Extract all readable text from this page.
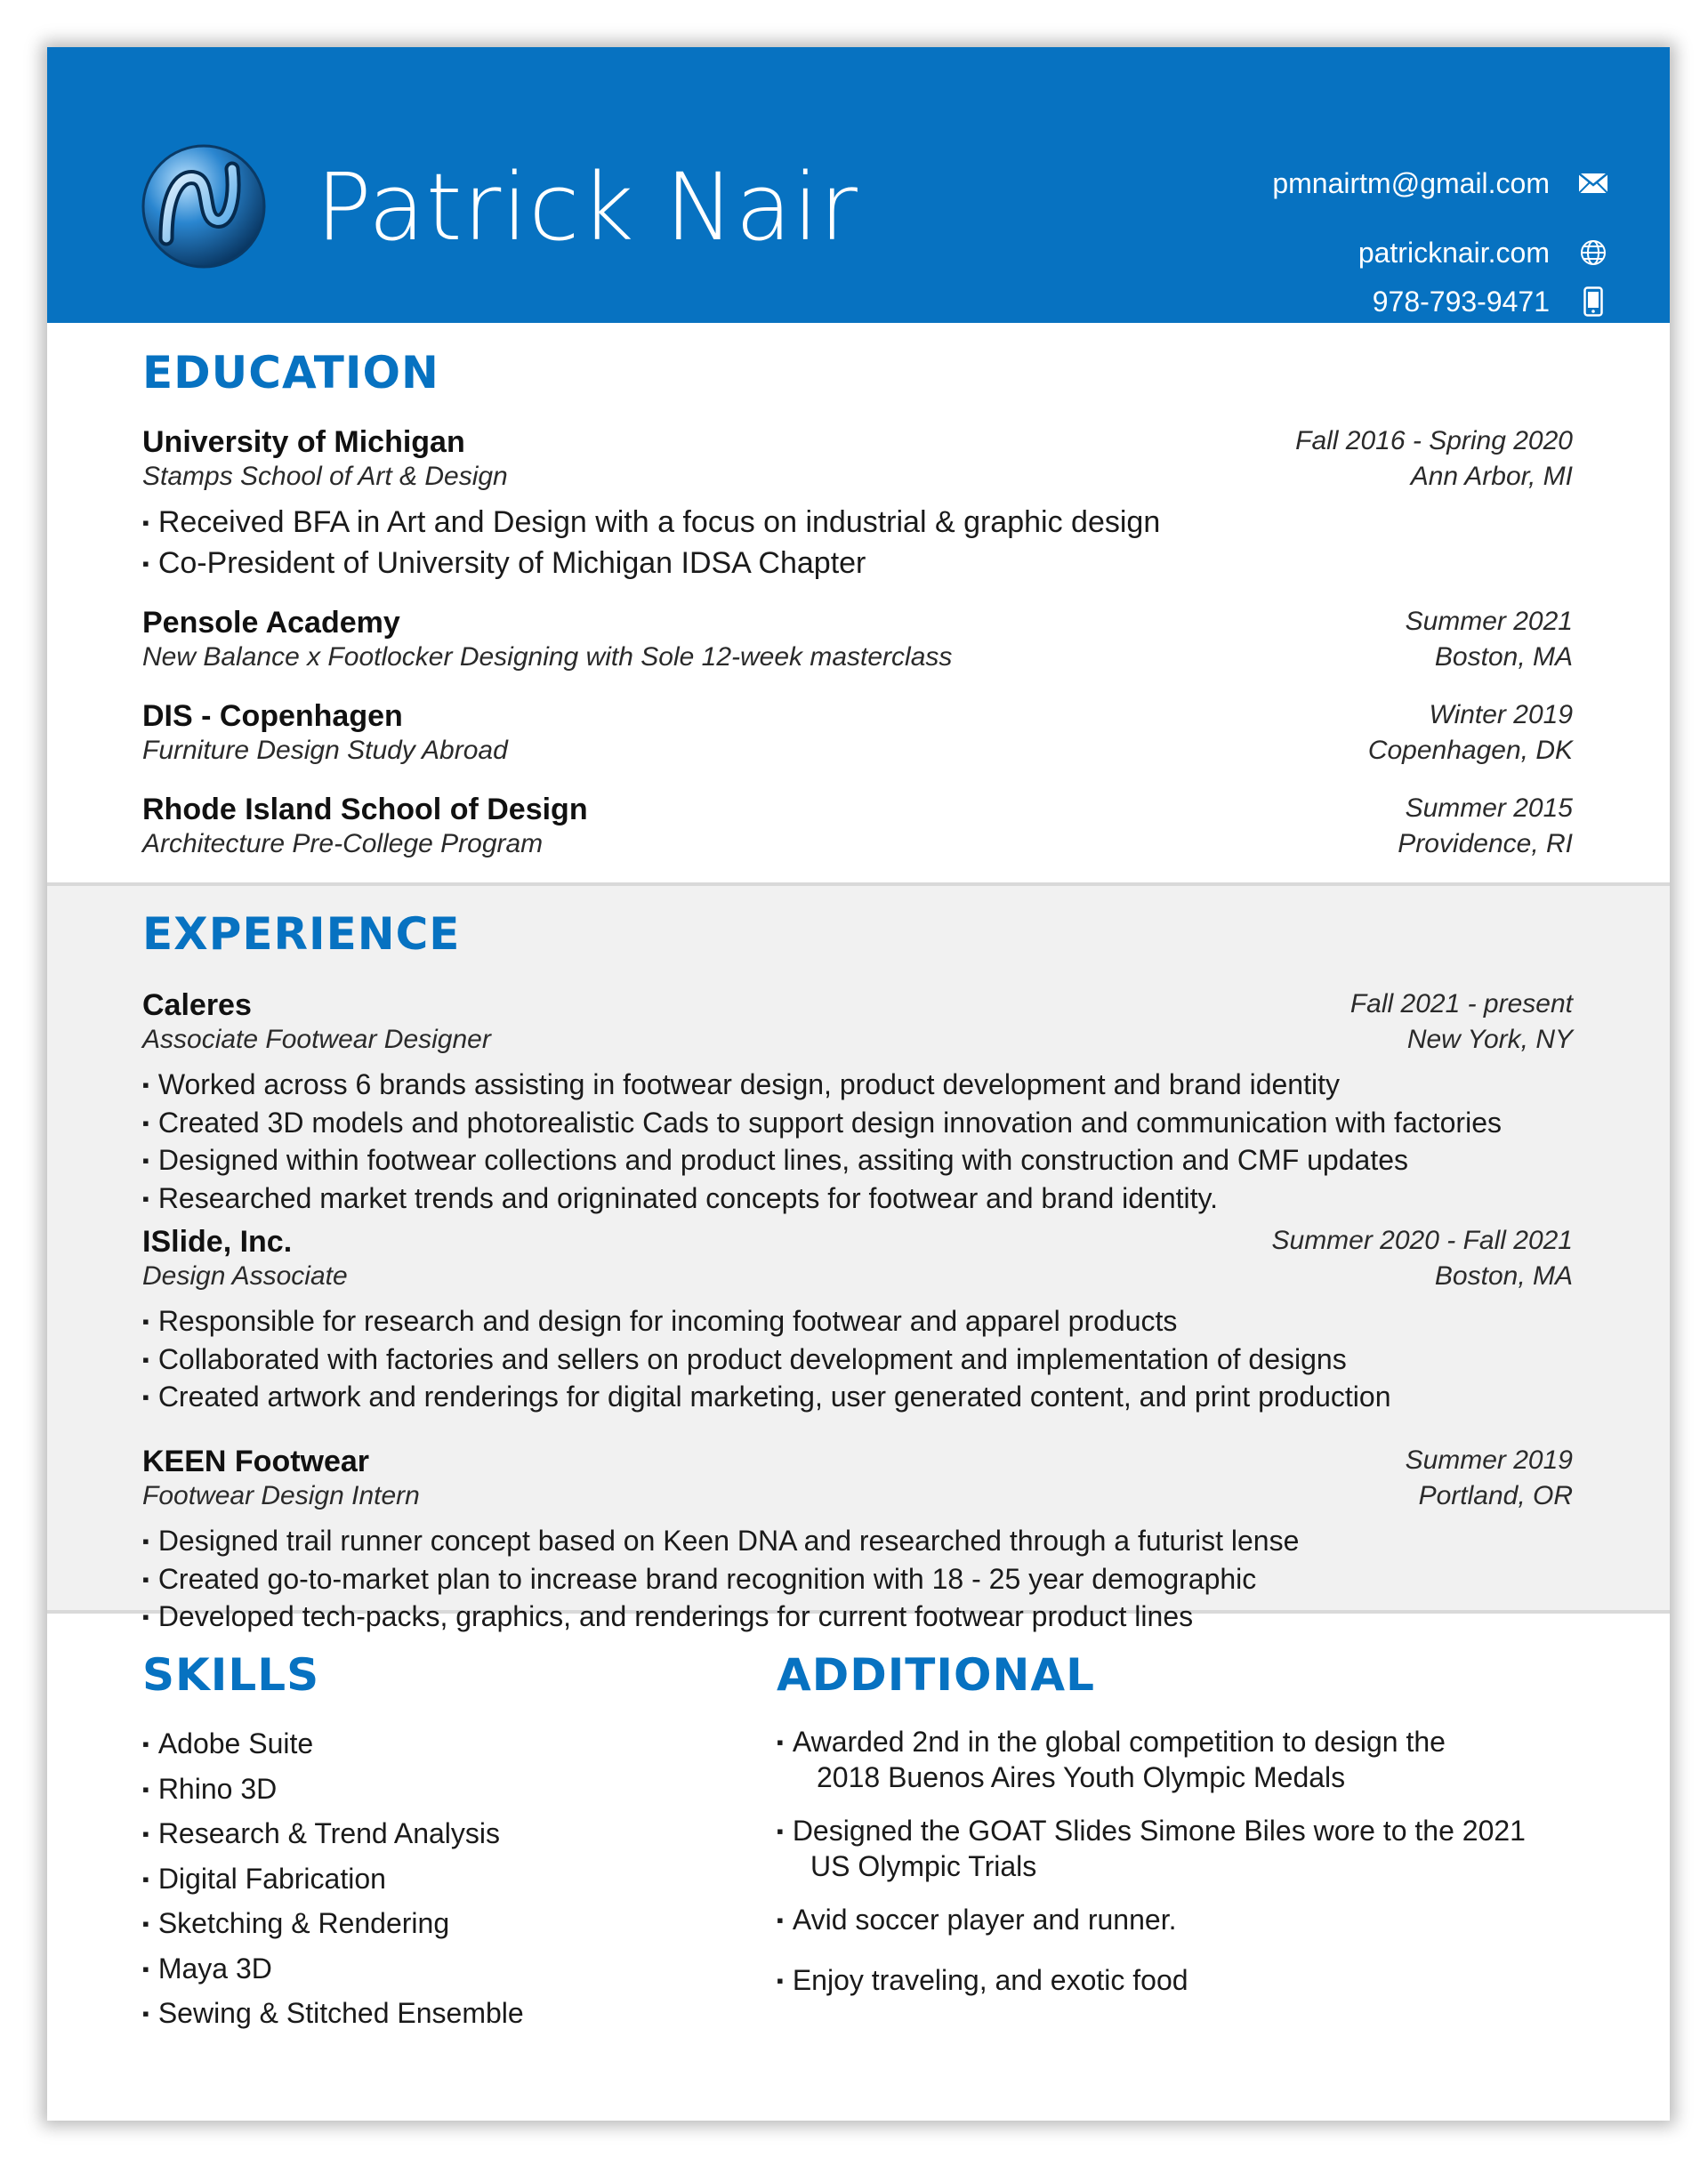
Patrick Nair	pmnairtm@gmail.com
patricknair.com
978-793-9471
EDUCATION
University of Michigan
Stamps School of Art & Design
Fall 2016 - Spring 2020
Ann Arbor, MI
▪ Received BFA in Art and Design with a focus on industrial & graphic design
▪ Co-President of University of Michigan IDSA Chapter
Pensole Academy
New Balance x Footlocker Designing with Sole 12-week masterclass
Summer 2021
Boston, MA
DIS - Copenhagen
Furniture Design Study Abroad
Winter 2019
Copenhagen, DK
Rhode Island School of Design
Architecture Pre-College Program
Summer 2015
Providence, RI
EXPERIENCE
Caleres
Associate Footwear Designer
Fall 2021 - present
New York, NY
▪ Worked across 6 brands assisting in footwear design, product development and brand identity
▪ Created 3D models and photorealistic Cads to support design innovation and communication with factories
▪ Designed within footwear collections and product lines, assiting with construction and CMF updates
▪ Researched market trends and origninated concepts for footwear and brand identity.
ISlide, Inc.
Design Associate
Summer 2020 - Fall 2021
Boston, MA
▪ Responsible for research and design for incoming footwear and apparel products
▪ Collaborated with factories and sellers on product development and implementation of designs
▪ Created artwork and renderings for digital marketing, user generated content, and print production
KEEN Footwear
Footwear Design Intern
Summer 2019
Portland, OR
▪ Designed trail runner concept based on Keen DNA and researched through a futurist lense
▪ Created go-to-market plan to increase brand recognition with 18 - 25 year demographic
▪ Developed tech-packs, graphics, and renderings for current footwear product lines
SKILLS
▪ Adobe Suite
▪ Rhino 3D
▪ Research & Trend Analysis
▪ Digital Fabrication
▪ Sketching & Rendering
▪ Maya 3D
▪ Sewing & Stitched Ensemble
ADDITIONAL
▪ Awarded 2nd in the global competition to design the
2018 Buenos Aires Youth Olympic Medals
▪ Designed the GOAT Slides Simone Biles wore to the 2021
US Olympic Trials
▪ Avid soccer player and runner.
▪ Enjoy traveling, and exotic food
